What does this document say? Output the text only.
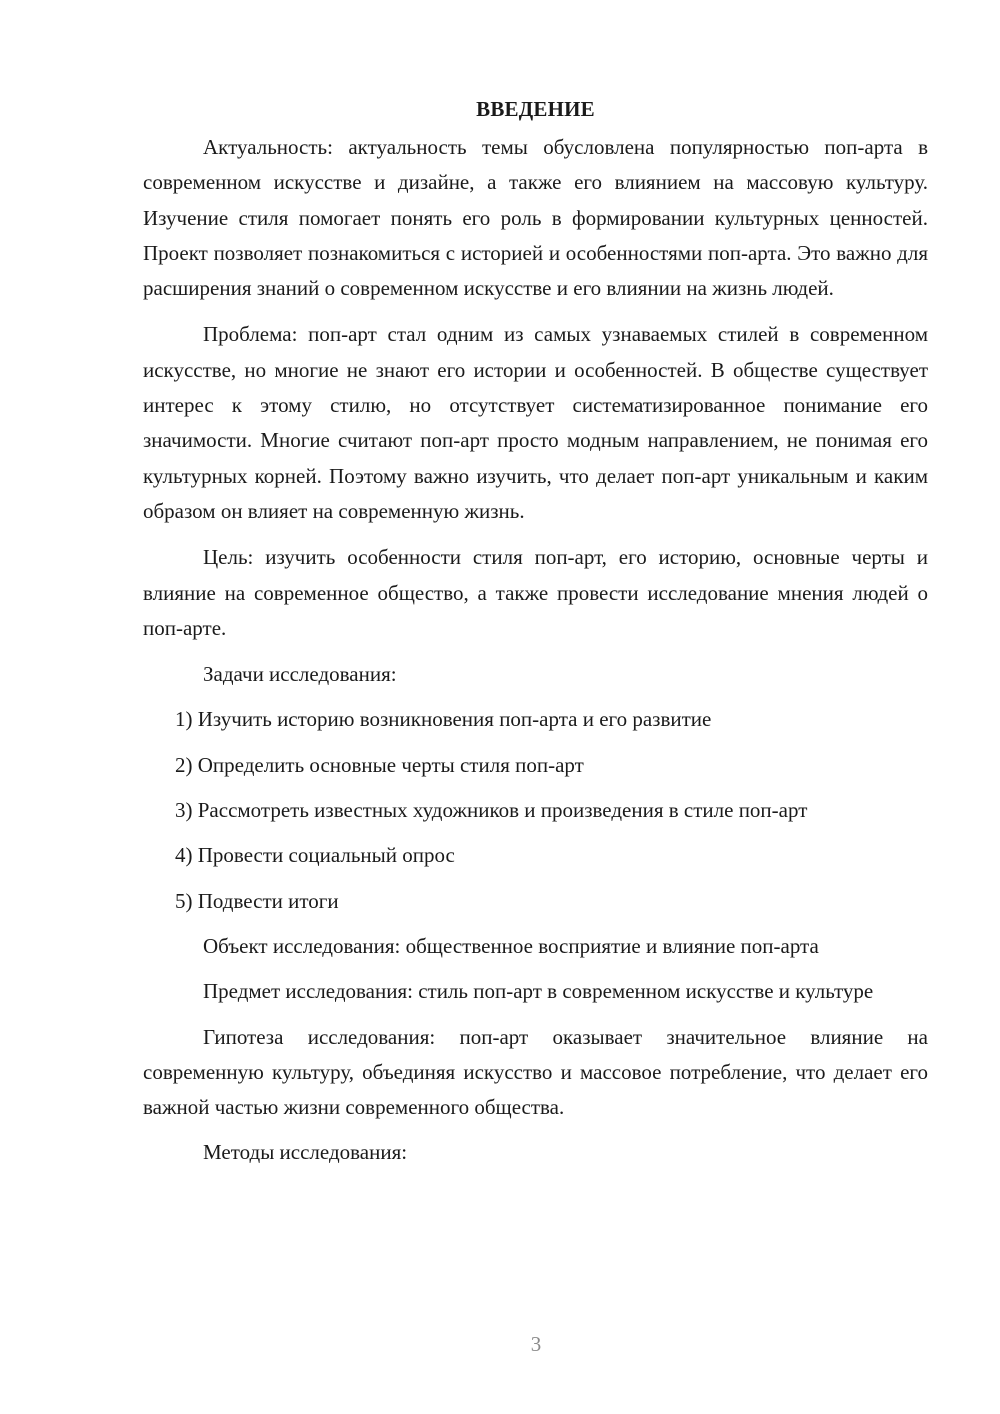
ВВЕДЕНИЕ

Актуальность: актуальность темы обусловлена популярностью поп-арта в современном искусстве и дизайне, а также его влиянием на массовую культуру. Изучение стиля помогает понять его роль в формировании культурных ценностей. Проект позволяет познакомиться с историей и особенностями поп-арта. Это важно для расширения знаний о современном искусстве и его влиянии на жизнь людей.

Проблема: поп-арт стал одним из самых узнаваемых стилей в современном искусстве, но многие не знают его истории и особенностей. В обществе существует интерес к этому стилю, но отсутствует систематизированное понимание его значимости. Многие считают поп-арт просто модным направлением, не понимая его культурных корней. Поэтому важно изучить, что делает поп-арт уникальным и каким образом он влияет на современную жизнь.

Цель: изучить особенности стиля поп-арт, его историю, основные черты и влияние на современное общество, а также провести исследование мнения людей о поп-арте.

Задачи исследования:

1) Изучить историю возникновения поп-арта и его развитие

2) Определить основные черты стиля поп-арт

3) Рассмотреть известных художников и произведения в стиле поп-арт

4) Провести социальный опрос

5) Подвести итоги

Объект исследования: общественное восприятие и влияние поп-арта

Предмет исследования: стиль поп-арт в современном искусстве и культуре

Гипотеза исследования: поп-арт оказывает значительное влияние на современную культуру, объединяя искусство и массовое потребление, что делает его важной частью жизни современного общества.

Методы исследования:

3
